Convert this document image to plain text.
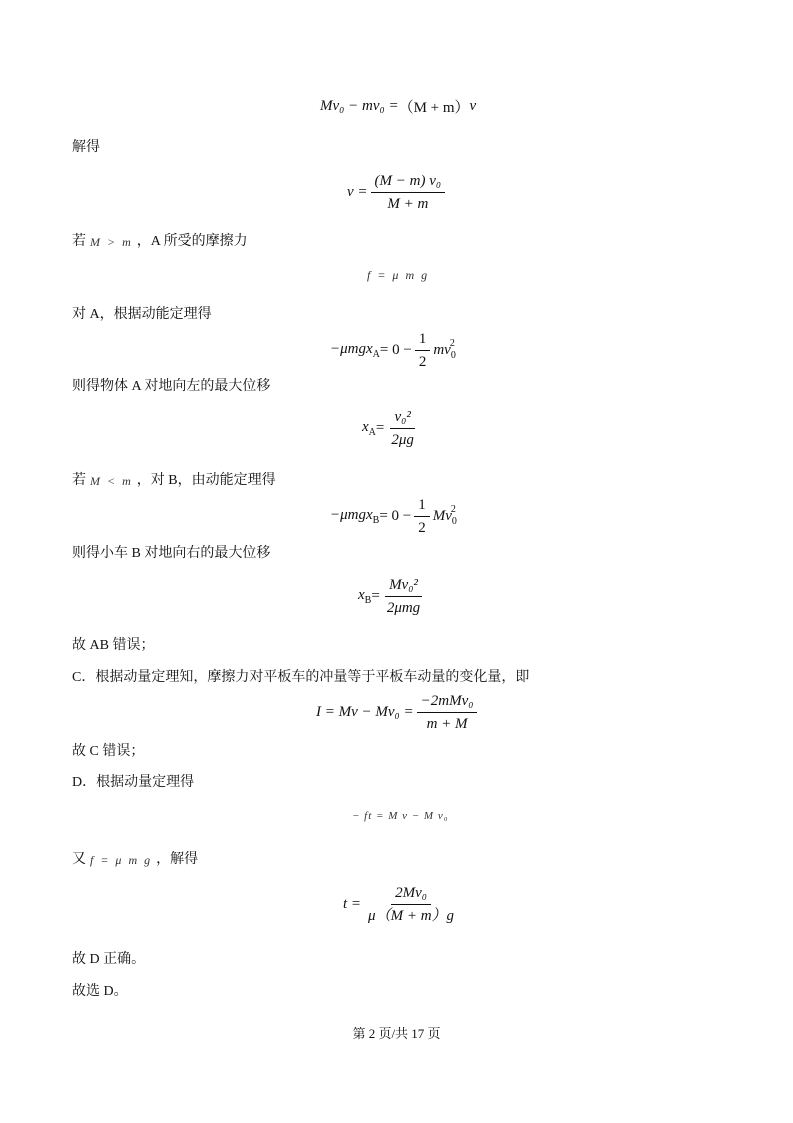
Mv₀ − mv₀ = （M + m） v
解得
$v = \frac{\text{(M − m) v₀}}{M + m}$
若 M > m ，A 所受的摩擦力
f = μ m g
对 A，根据动能定理得
$-\mu mgx_A = 0 - \frac{1}{2} mv_0^2$
则得物体 A 对地向左的最大位移
$x_A = \frac{\text{v₀²}}{2\mu g}$
若 M < m ，对 B，由动能定理得
$-\mu mgx_B = 0 - \frac{1}{2} Mv_0^2$
则得小车 B 对地向右的最大位移
$x_B = \frac{\text{Mv₀²}}{\text{2μmg}}$
故 AB 错误；
C．根据动量定理知，摩擦力对平板车的冲量等于平板车动量的变化量，即
$I = Mv - Mv_0 = \frac{\text{−2mMv₀}}{m + M}$
故 C 错误；
D．根据动量定理得
− ft = M v − M v₀
又 f = μ m g ，解得
$t = \frac{\text{2Mv₀}}{\mu(M + m)g}$
故 D 正确。
故选 D。
第 2 页/共 17 页
